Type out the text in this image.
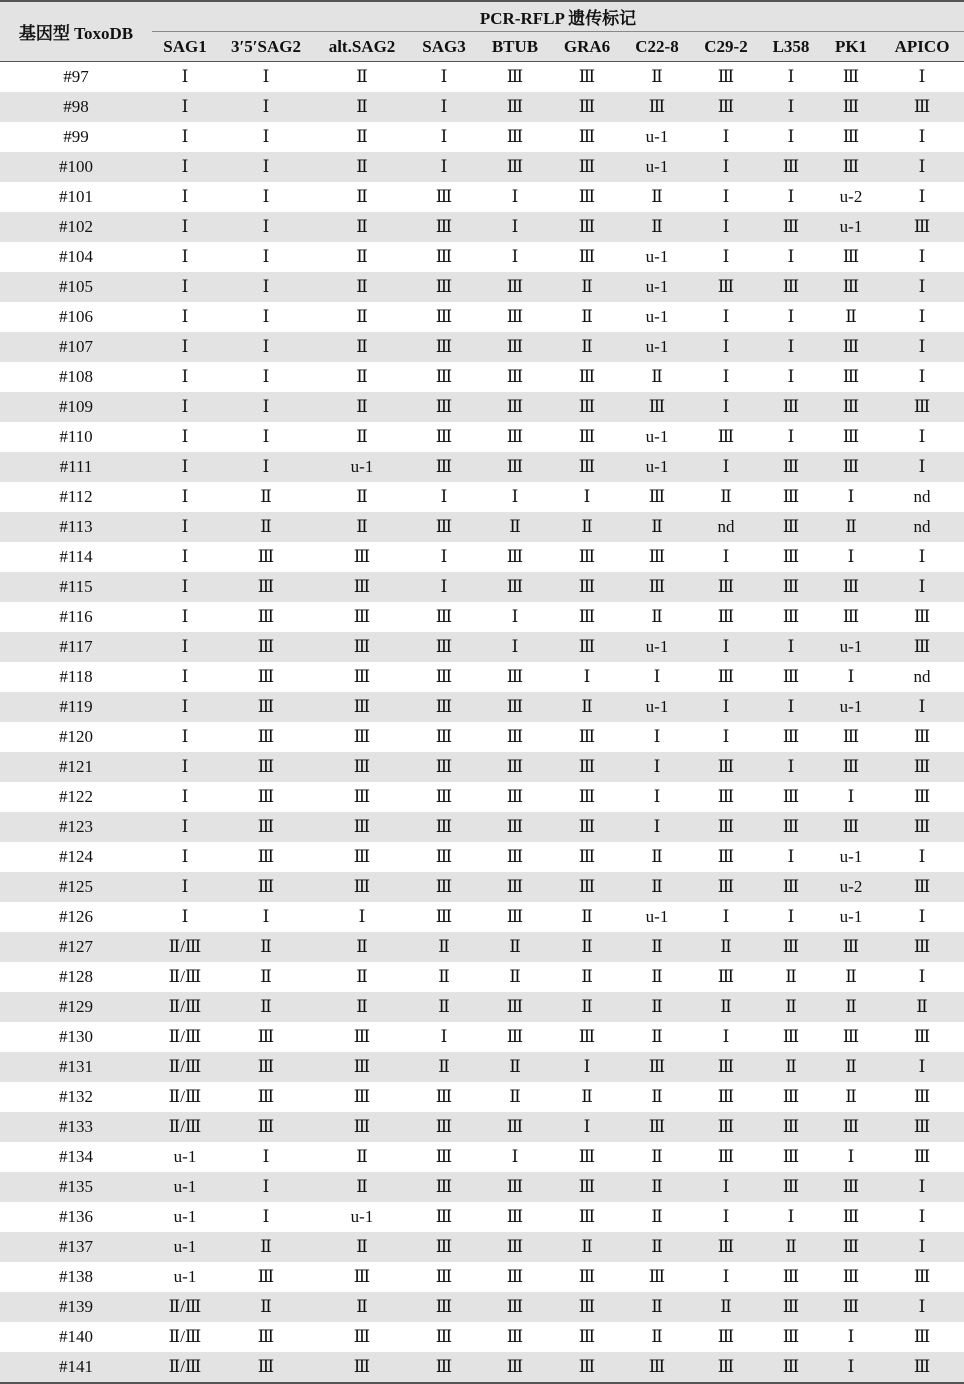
基因型 ToxoDB	PCR-RFLP 遗传标记										
	SAG1	3′5′SAG2	alt.SAG2	SAG3	BTUB	GRA6	C22-8	C29-2	L358	PK1	APICO
#97	Ⅰ	Ⅰ	Ⅱ	Ⅰ	Ⅲ	Ⅲ	Ⅱ	Ⅲ	Ⅰ	Ⅲ	Ⅰ
#98	Ⅰ	Ⅰ	Ⅱ	Ⅰ	Ⅲ	Ⅲ	Ⅲ	Ⅲ	Ⅰ	Ⅲ	Ⅲ
#99	Ⅰ	Ⅰ	Ⅱ	Ⅰ	Ⅲ	Ⅲ	u-1	Ⅰ	Ⅰ	Ⅲ	Ⅰ
#100	Ⅰ	Ⅰ	Ⅱ	Ⅰ	Ⅲ	Ⅲ	u-1	Ⅰ	Ⅲ	Ⅲ	Ⅰ
#101	Ⅰ	Ⅰ	Ⅱ	Ⅲ	Ⅰ	Ⅲ	Ⅱ	Ⅰ	Ⅰ	u-2	Ⅰ
#102	Ⅰ	Ⅰ	Ⅱ	Ⅲ	Ⅰ	Ⅲ	Ⅱ	Ⅰ	Ⅲ	u-1	Ⅲ
#104	Ⅰ	Ⅰ	Ⅱ	Ⅲ	Ⅰ	Ⅲ	u-1	Ⅰ	Ⅰ	Ⅲ	Ⅰ
#105	Ⅰ	Ⅰ	Ⅱ	Ⅲ	Ⅲ	Ⅱ	u-1	Ⅲ	Ⅲ	Ⅲ	Ⅰ
#106	Ⅰ	Ⅰ	Ⅱ	Ⅲ	Ⅲ	Ⅱ	u-1	Ⅰ	Ⅰ	Ⅱ	Ⅰ
#107	Ⅰ	Ⅰ	Ⅱ	Ⅲ	Ⅲ	Ⅱ	u-1	Ⅰ	Ⅰ	Ⅲ	Ⅰ
#108	Ⅰ	Ⅰ	Ⅱ	Ⅲ	Ⅲ	Ⅲ	Ⅱ	Ⅰ	Ⅰ	Ⅲ	Ⅰ
#109	Ⅰ	Ⅰ	Ⅱ	Ⅲ	Ⅲ	Ⅲ	Ⅲ	Ⅰ	Ⅲ	Ⅲ	Ⅲ
#110	Ⅰ	Ⅰ	Ⅱ	Ⅲ	Ⅲ	Ⅲ	u-1	Ⅲ	Ⅰ	Ⅲ	Ⅰ
#111	Ⅰ	Ⅰ	u-1	Ⅲ	Ⅲ	Ⅲ	u-1	Ⅰ	Ⅲ	Ⅲ	Ⅰ
#112	Ⅰ	Ⅱ	Ⅱ	Ⅰ	Ⅰ	Ⅰ	Ⅲ	Ⅱ	Ⅲ	Ⅰ	nd
#113	Ⅰ	Ⅱ	Ⅱ	Ⅲ	Ⅱ	Ⅱ	Ⅱ	nd	Ⅲ	Ⅱ	nd
#114	Ⅰ	Ⅲ	Ⅲ	Ⅰ	Ⅲ	Ⅲ	Ⅲ	Ⅰ	Ⅲ	Ⅰ	Ⅰ
#115	Ⅰ	Ⅲ	Ⅲ	Ⅰ	Ⅲ	Ⅲ	Ⅲ	Ⅲ	Ⅲ	Ⅲ	Ⅰ
#116	Ⅰ	Ⅲ	Ⅲ	Ⅲ	Ⅰ	Ⅲ	Ⅱ	Ⅲ	Ⅲ	Ⅲ	Ⅲ
#117	Ⅰ	Ⅲ	Ⅲ	Ⅲ	Ⅰ	Ⅲ	u-1	Ⅰ	Ⅰ	u-1	Ⅲ
#118	Ⅰ	Ⅲ	Ⅲ	Ⅲ	Ⅲ	Ⅰ	Ⅰ	Ⅲ	Ⅲ	Ⅰ	nd
#119	Ⅰ	Ⅲ	Ⅲ	Ⅲ	Ⅲ	Ⅱ	u-1	Ⅰ	Ⅰ	u-1	Ⅰ
#120	Ⅰ	Ⅲ	Ⅲ	Ⅲ	Ⅲ	Ⅲ	Ⅰ	Ⅰ	Ⅲ	Ⅲ	Ⅲ
#121	Ⅰ	Ⅲ	Ⅲ	Ⅲ	Ⅲ	Ⅲ	Ⅰ	Ⅲ	Ⅰ	Ⅲ	Ⅲ
#122	Ⅰ	Ⅲ	Ⅲ	Ⅲ	Ⅲ	Ⅲ	Ⅰ	Ⅲ	Ⅲ	Ⅰ	Ⅲ
#123	Ⅰ	Ⅲ	Ⅲ	Ⅲ	Ⅲ	Ⅲ	Ⅰ	Ⅲ	Ⅲ	Ⅲ	Ⅲ
#124	Ⅰ	Ⅲ	Ⅲ	Ⅲ	Ⅲ	Ⅲ	Ⅱ	Ⅲ	Ⅰ	u-1	Ⅰ
#125	Ⅰ	Ⅲ	Ⅲ	Ⅲ	Ⅲ	Ⅲ	Ⅱ	Ⅲ	Ⅲ	u-2	Ⅲ
#126	Ⅰ	Ⅰ	Ⅰ	Ⅲ	Ⅲ	Ⅱ	u-1	Ⅰ	Ⅰ	u-1	Ⅰ
#127	Ⅱ/Ⅲ	Ⅱ	Ⅱ	Ⅱ	Ⅱ	Ⅱ	Ⅱ	Ⅱ	Ⅲ	Ⅲ	Ⅲ
#128	Ⅱ/Ⅲ	Ⅱ	Ⅱ	Ⅱ	Ⅱ	Ⅱ	Ⅱ	Ⅲ	Ⅱ	Ⅱ	Ⅰ
#129	Ⅱ/Ⅲ	Ⅱ	Ⅱ	Ⅱ	Ⅲ	Ⅱ	Ⅱ	Ⅱ	Ⅱ	Ⅱ	Ⅱ
#130	Ⅱ/Ⅲ	Ⅲ	Ⅲ	Ⅰ	Ⅲ	Ⅲ	Ⅱ	Ⅰ	Ⅲ	Ⅲ	Ⅲ
#131	Ⅱ/Ⅲ	Ⅲ	Ⅲ	Ⅱ	Ⅱ	Ⅰ	Ⅲ	Ⅲ	Ⅱ	Ⅱ	Ⅰ
#132	Ⅱ/Ⅲ	Ⅲ	Ⅲ	Ⅲ	Ⅱ	Ⅱ	Ⅱ	Ⅲ	Ⅲ	Ⅱ	Ⅲ
#133	Ⅱ/Ⅲ	Ⅲ	Ⅲ	Ⅲ	Ⅲ	Ⅰ	Ⅲ	Ⅲ	Ⅲ	Ⅲ	Ⅲ
#134	u-1	Ⅰ	Ⅱ	Ⅲ	Ⅰ	Ⅲ	Ⅱ	Ⅲ	Ⅲ	Ⅰ	Ⅲ
#135	u-1	Ⅰ	Ⅱ	Ⅲ	Ⅲ	Ⅲ	Ⅱ	Ⅰ	Ⅲ	Ⅲ	Ⅰ
#136	u-1	Ⅰ	u-1	Ⅲ	Ⅲ	Ⅲ	Ⅱ	Ⅰ	Ⅰ	Ⅲ	Ⅰ
#137	u-1	Ⅱ	Ⅱ	Ⅲ	Ⅲ	Ⅱ	Ⅱ	Ⅲ	Ⅱ	Ⅲ	Ⅰ
#138	u-1	Ⅲ	Ⅲ	Ⅲ	Ⅲ	Ⅲ	Ⅲ	Ⅰ	Ⅲ	Ⅲ	Ⅲ
#139	Ⅱ/Ⅲ	Ⅱ	Ⅱ	Ⅲ	Ⅲ	Ⅲ	Ⅱ	Ⅱ	Ⅲ	Ⅲ	Ⅰ
#140	Ⅱ/Ⅲ	Ⅲ	Ⅲ	Ⅲ	Ⅲ	Ⅲ	Ⅱ	Ⅲ	Ⅲ	Ⅰ	Ⅲ
#141	Ⅱ/Ⅲ	Ⅲ	Ⅲ	Ⅲ	Ⅲ	Ⅲ	Ⅲ	Ⅲ	Ⅲ	Ⅰ	Ⅲ
